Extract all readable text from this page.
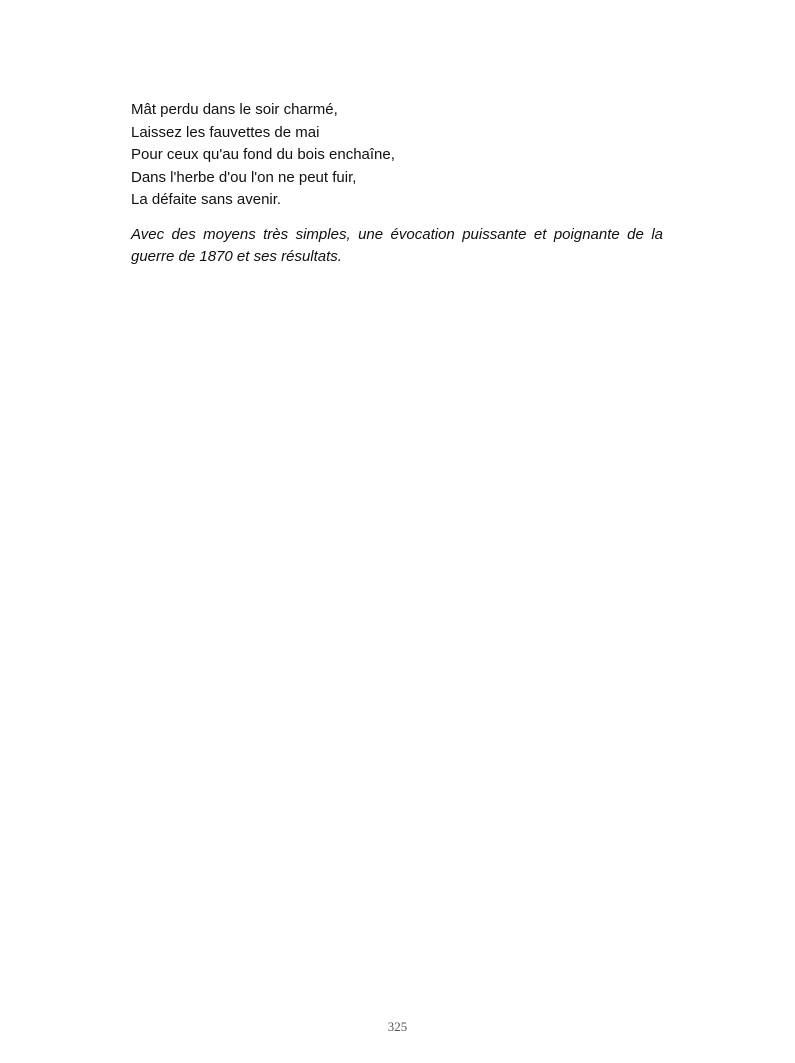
Mât perdu dans le soir charmé,
Laissez les fauvettes de mai
Pour ceux qu'au fond du bois enchaîne,
Dans l'herbe d'ou l'on ne peut fuir,
La défaite sans avenir.

Avec des moyens très simples, une évocation puissante et poignante de la guerre de 1870 et ses résultats.

325
